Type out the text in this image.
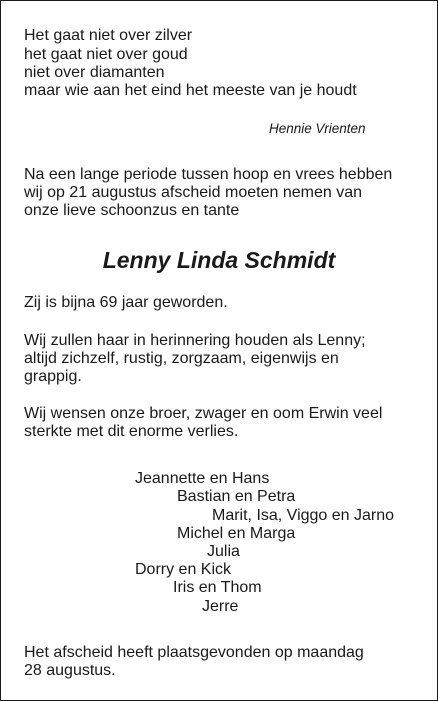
Het gaat niet over zilver
het gaat niet over goud
niet over diamanten
maar wie aan het eind het meeste van je houdt
Hennie Vrienten
Na een lange periode tussen hoop en vrees hebben
wij op 21 augustus afscheid moeten nemen van
onze lieve schoonzus en tante
Lenny Linda Schmidt
Zij is bijna 69 jaar geworden.
Wij zullen haar in herinnering houden als Lenny;
altijd zichzelf, rustig, zorgzaam, eigenwijs en
grappig.
Wij wensen onze broer, zwager en oom Erwin veel
sterkte met dit enorme verlies.
Jeannette en Hans
Bastian en Petra
Marit, Isa, Viggo en Jarno
Michel en Marga
Julia
Dorry en Kick
Iris en Thom
Jerre
Het afscheid heeft plaatsgevonden op maandag
28 augustus.
